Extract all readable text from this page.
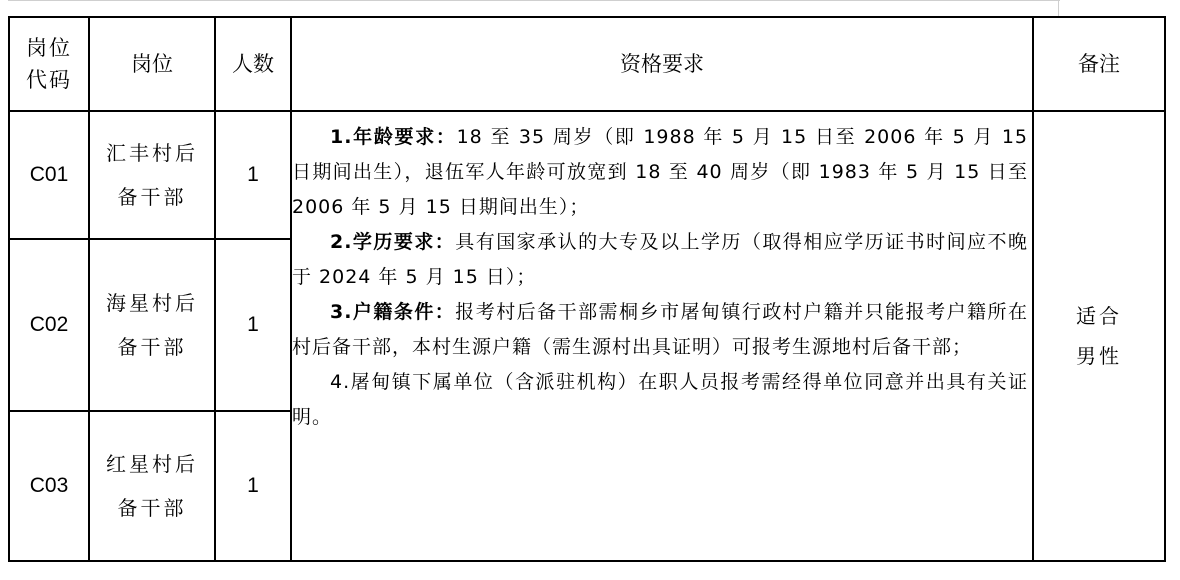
岗位代码	岗位	人数	资格要求	备注
C01	汇丰村后备干部	1	1.年龄要求：18 至 35 周岁（即 1988 年 5 月 15 日至 2006 年 5 月 15 日期间出生），退伍军人年龄可放宽到 18 至 40 周岁（即 1983 年 5 月 15 日至 2006 年 5 月 15 日期间出生）；

2.学历要求：具有国家承认的大专及以上学历（取得相应学历证书时间应不晚于 2024 年 5 月 15 日）；

3.户籍条件：报考村后备干部需桐乡市屠甸镇行政村户籍并只能报考户籍所在村后备干部，本村生源户籍（需生源村出具证明）可报考生源地村后备干部；

4.屠甸镇下属单位（含派驻机构）在职人员报考需经得单位同意并出具有关证明。	适合男性
C02	海星村后备干部	1		
C03	红星村后备干部	1		
